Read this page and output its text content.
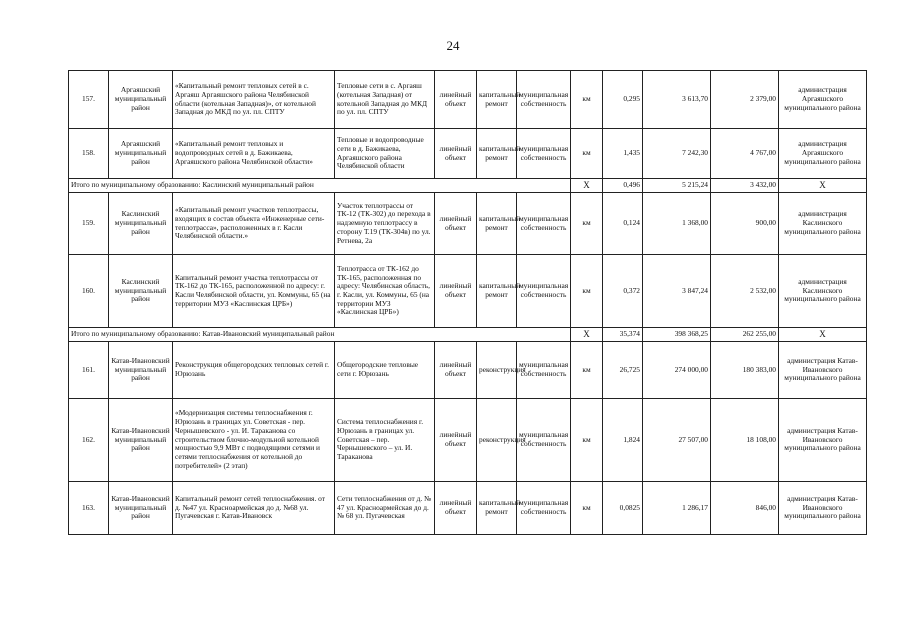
24
157.	Аргаяшский муниципальный район	«Капитальный ремонт тепловых сетей в с. Аргаяш Аргаяшского района Челябинской области (котельная Западная)», от котельной Западная до МКД по ул. пл. СПТУ	Тепловые сети в с. Аргаяш (котельная Западная) от котельной Западная до МКД по ул. пл. СПТУ	линейный объект	капитальный ремонт	муниципальная собственность	км	0,295	3 613,70	2 379,00	администрация Аргаяшского муниципального района
158.	Аргаяшский муниципальный район	«Капитальный ремонт тепловых и водопроводных сетей в д. Бажикаева, Аргаяшского района Челябинской области»	Тепловые и водопроводные сети в д. Бажикаева, Аргаяшского района Челябинской области	линейный объект	капитальный ремонт	муниципальная собственность	км	1,435	7 242,30	4 767,00	администрация Аргаяшского муниципального района
Итого по муниципальному образованию: Каслинский муниципальный район							X	0,496	5 215,24	3 432,00	X
159.	Каслинский муниципальный район	«Капитальный ремонт участков теплотрассы, входящих в состав объекта «Инженерные сети-теплотрасса», расположенных в г. Касли Челябинской области.»	Участок теплотрассы от ТК-12 (ТК-302) до перехода в надземную теплотрассу в сторону Т.19 (ТК-304в) по ул. Ретнева, 2а	линейный объект	капитальный ремонт	муниципальная собственность	км	0,124	1 368,00	900,00	администрация Каслинского муниципального района
160.	Каслинский муниципальный район	Капитальный ремонт участка теплотрассы от ТК-162 до ТК-165, расположенной по адресу: г. Касли Челябинской области, ул. Коммуны, 65 (на территории МУЗ «Каслинская ЦРБ»)	Теплотрасса от ТК-162 до ТК-165, расположенная по адресу: Челябинская область, г. Касли, ул. Коммуны, 65 (на территории МУЗ «Каслинская ЦРБ»)	линейный объект	капитальный ремонт	муниципальная собственность	км	0,372	3 847,24	2 532,00	администрация Каслинского муниципального района
Итого по муниципальному образованию: Катав-Ивановский муниципальный район							X	35,374	398 368,25	262 255,00	X
161.	Катав-Ивановский муниципальный район	Реконструкция общегородских тепловых сетей г. Юрюзань	Общегородские тепловые сети г. Юрюзань	линейный объект	реконструкция	муниципальная собственность	км	26,725	274 000,00	180 383,00	администрация Катав-Ивановского муниципального района
162.	Катав-Ивановский муниципальный район	«Модернизация системы теплоснабжения г. Юрюзань в границах ул. Советская - пер. Чернышевского - ул. И. Тараканова со строительством блочно-модульной котельной мощностью 9,9 МВт с подводящими сетями и сетями теплоснабжения от котельной до потребителей» (2 этап)	Система теплоснабжения г. Юрюзань в границах ул. Советская – пер. Чернышевского – ул. И. Тараканова	линейный объект	реконструкция	муниципальная собственность	км	1,824	27 507,00	18 108,00	администрация Катав-Ивановского муниципального района
163.	Катав-Ивановский муниципальный район	Капитальный ремонт сетей теплоснабжения. от д. №47 ул. Красноармейская до д. №68 ул. Пугачевская г. Катав-Ивановск	Сети теплоснабжения от д. № 47 ул. Красноармейская до д. № 68 ул. Пугачевская	линейный объект	капитальный ремонт	муниципальная собственность	км	0,0825	1 286,17	846,00	администрация Катав-Ивановского муниципального района
